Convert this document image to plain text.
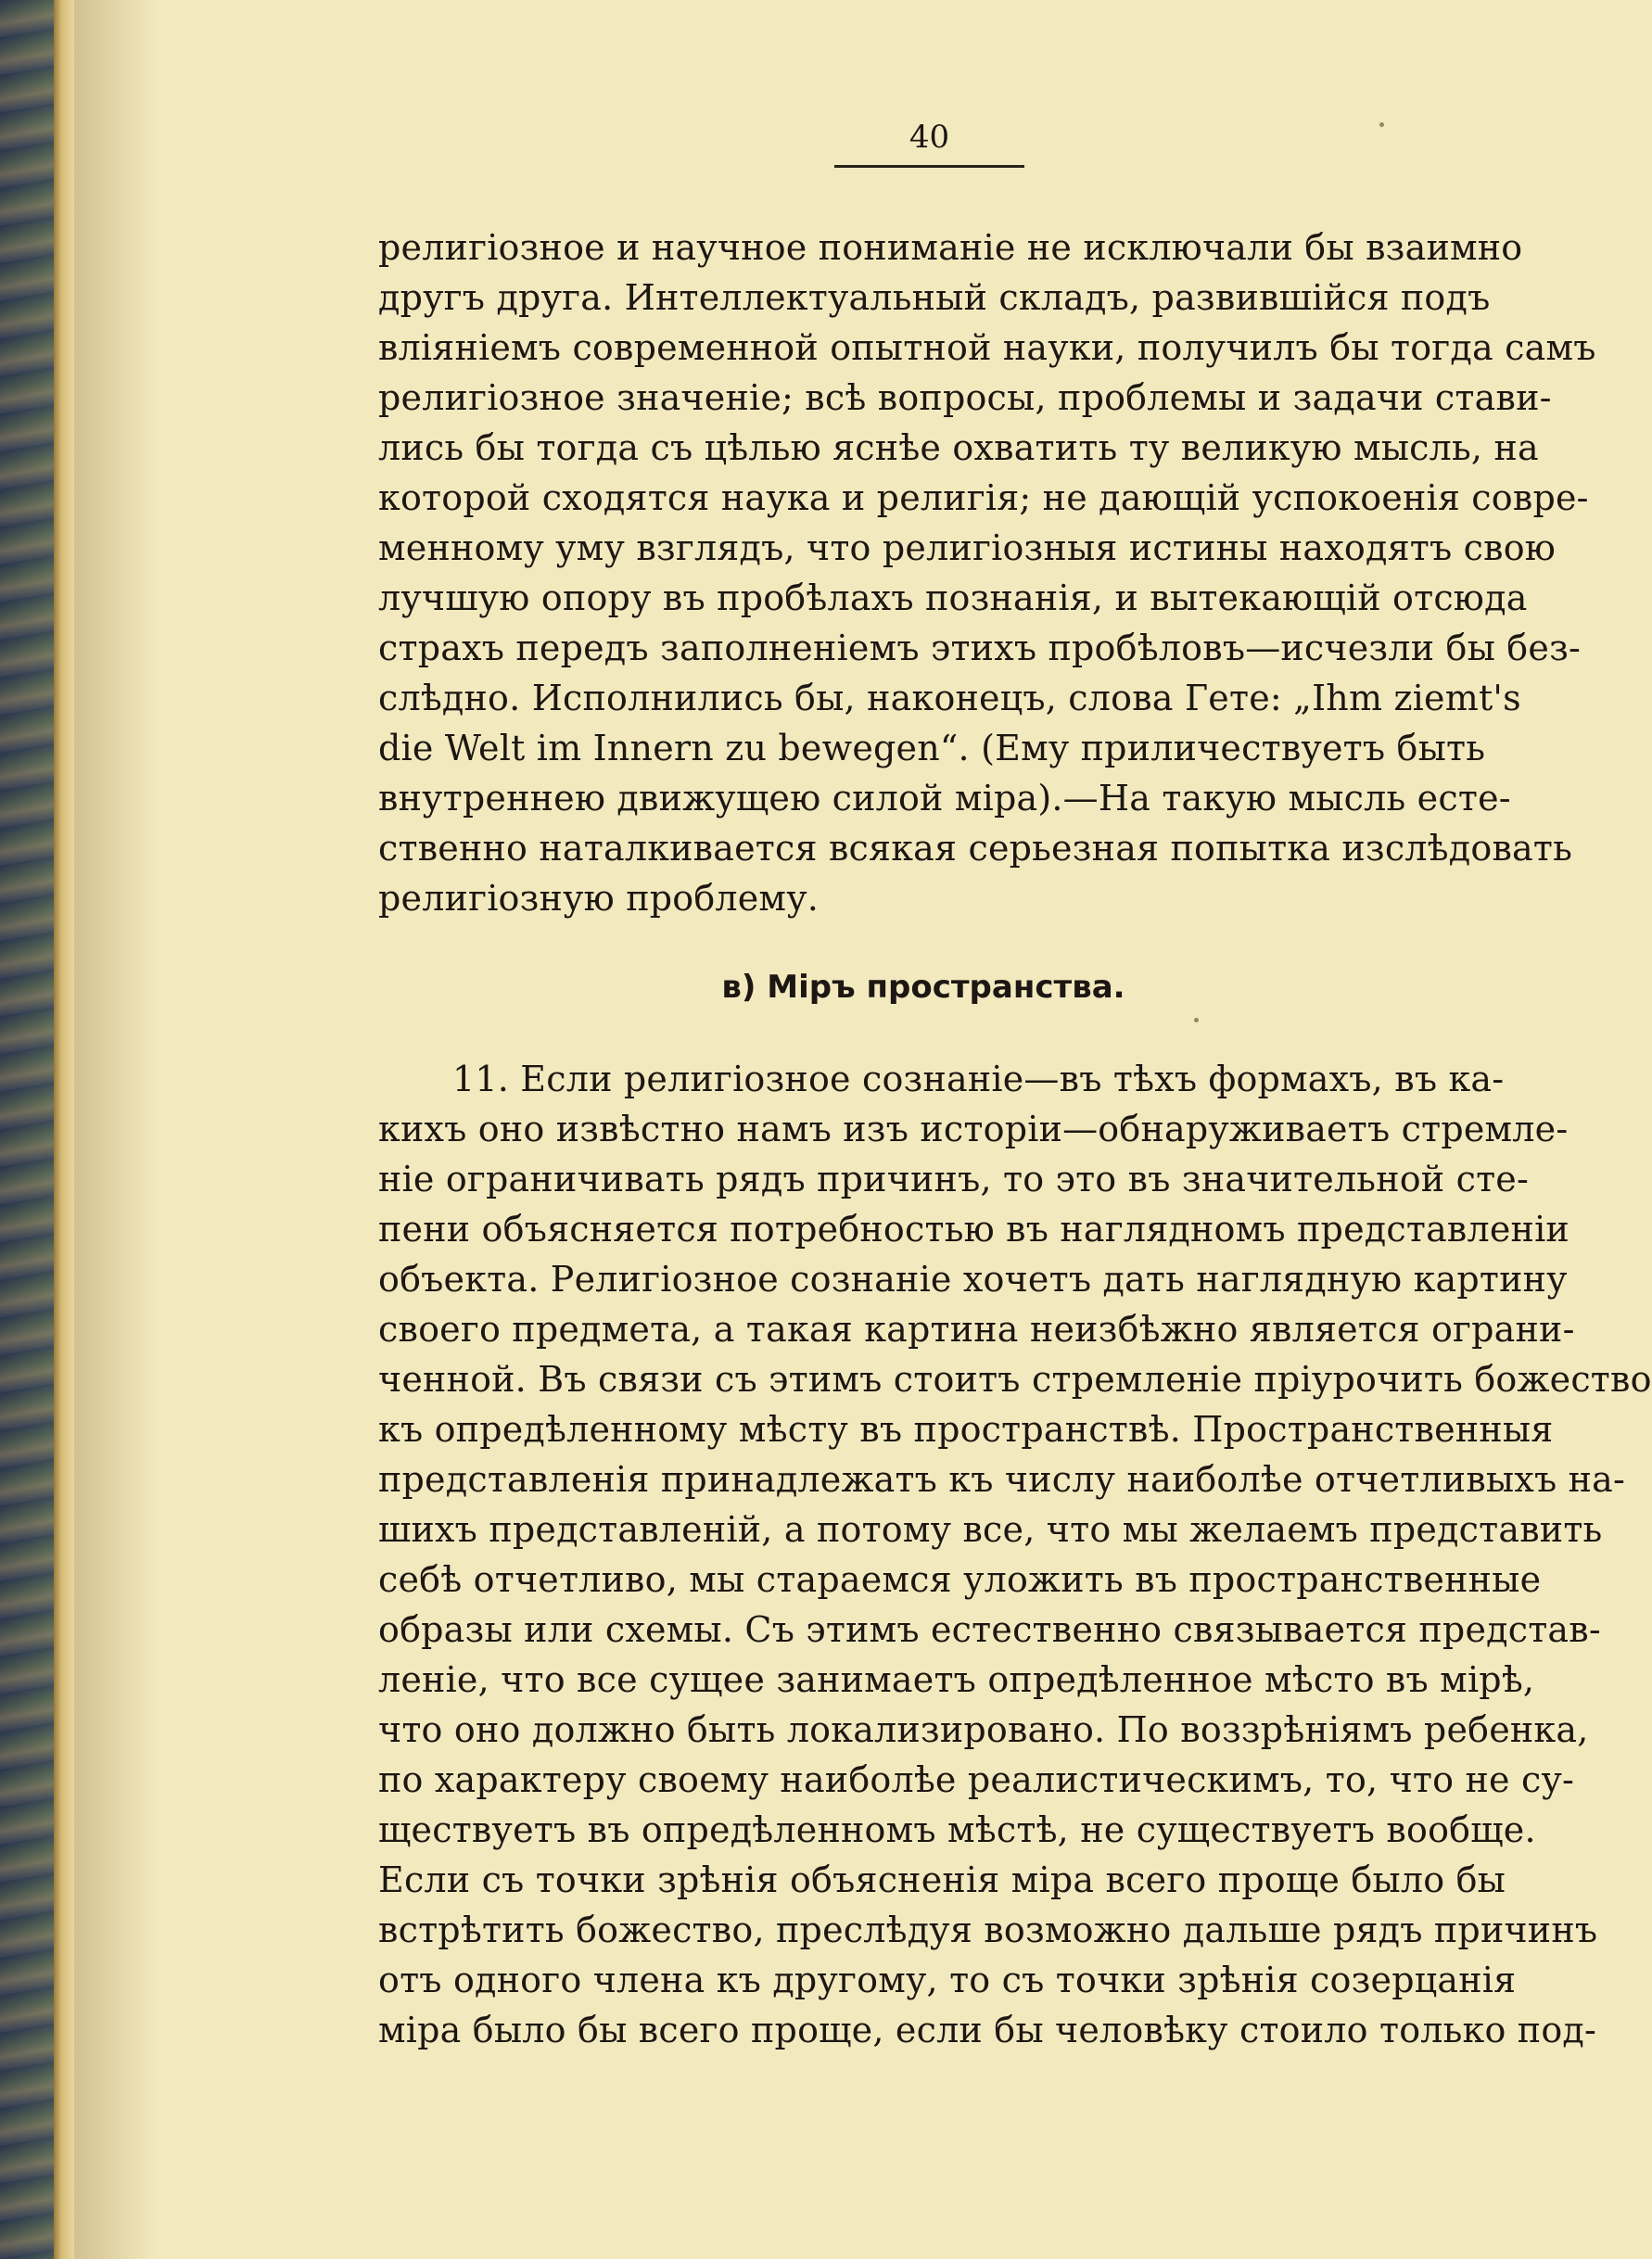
40
религіозное и научное пониманіе не исключали бы взаимно
другъ друга. Интеллектуальный складъ, развившійся подъ
вліяніемъ современной опытной науки, получилъ бы тогда самъ
религіозное значеніе; всѣ вопросы, проблемы и задачи стави-
лись бы тогда съ цѣлью яснѣе охватить ту великую мысль, на
которой сходятся наука и религія; не дающій успокоенія совре-
менному уму взглядъ, что религіозныя истины находятъ свою
лучшую опору въ пробѣлахъ познанія, и вытекающій отсюда
страхъ передъ заполненіемъ этихъ пробѣловъ—исчезли бы без-
слѣдно. Исполнились бы, наконецъ, слова Гете: „Ihm ziemt's
die Welt im Innern zu bewegen“. (Ему приличествуетъ быть
внутреннею движущею силой міра).—На такую мысль есте-
ственно наталкивается всякая серьезная попытка изслѣдовать
религіозную проблему.
в) Міръ пространства.
11. Если религіозное сознаніе—въ тѣхъ формахъ, въ ка-
кихъ оно извѣстно намъ изъ исторіи—обнаруживаетъ стремле-
ніе ограничивать рядъ причинъ, то это въ значительной сте-
пени объясняется потребностью въ наглядномъ представленіи
объекта. Религіозное сознаніе хочетъ дать наглядную картину
своего предмета, а такая картина неизбѣжно является ограни-
ченной. Въ связи съ этимъ стоитъ стремленіе пріурочить божество
къ опредѣленному мѣсту въ пространствѣ. Пространственныя
представленія принадлежатъ къ числу наиболѣе отчетливыхъ на-
шихъ представленій, а потому все, что мы желаемъ представить
себѣ отчетливо, мы стараемся уложить въ пространственные
образы или схемы. Съ этимъ естественно связывается представ-
леніе, что все сущее занимаетъ опредѣленное мѣсто въ мірѣ,
что оно должно быть локализировано. По воззрѣніямъ ребенка,
по характеру своему наиболѣе реалистическимъ, то, что не су-
ществуетъ въ опредѣленномъ мѣстѣ, не существуетъ вообще.
Если съ точки зрѣнія объясненія міра всего проще было бы
встрѣтить божество, преслѣдуя возможно дальше рядъ причинъ
отъ одного члена къ другому, то съ точки зрѣнія созерцанія
міра было бы всего проще, если бы человѣку стоило только под-
